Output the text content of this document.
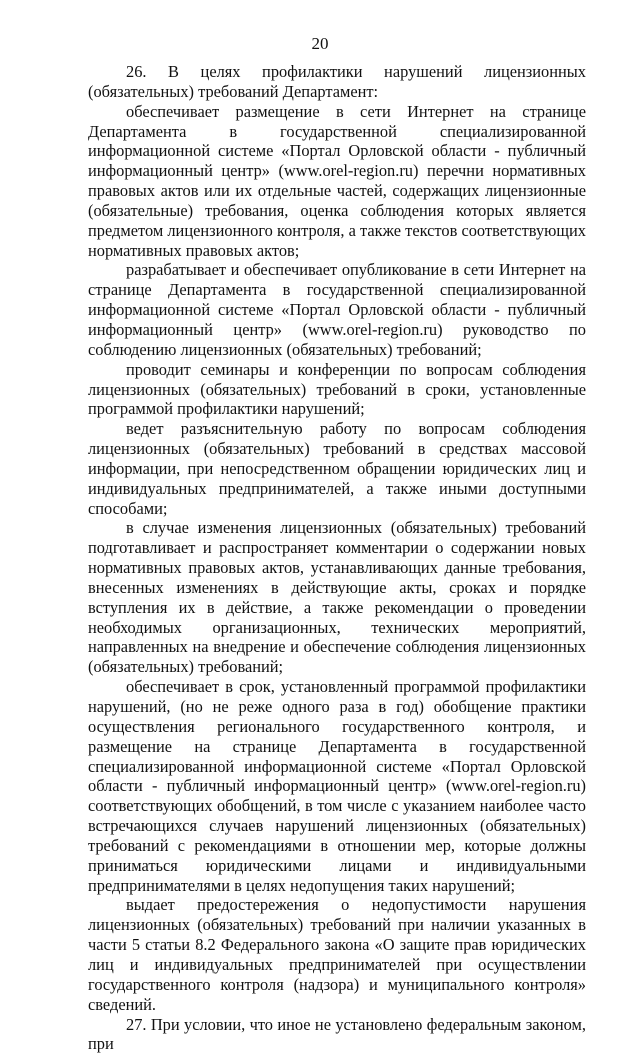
20

26. В целях профилактики нарушений лицензионных (обязательных) требований Департамент:

обеспечивает размещение в сети Интернет на странице Департамента в государственной специализированной информационной системе «Портал Орловской области - публичный информационный центр» (www.orel-region.ru) перечни нормативных правовых актов или их отдельные частей, содержащих лицензионные (обязательные) требования, оценка соблюдения которых является предметом лицензионного контроля, а также текстов соответствующих нормативных правовых актов;

разрабатывает и обеспечивает опубликование в сети Интернет на странице Департамента в государственной специализированной информационной системе «Портал Орловской области - публичный информационный центр» (www.orel-region.ru) руководство по соблюдению лицензионных (обязательных) требований;

проводит семинары и конференции по вопросам соблюдения лицензионных (обязательных) требований в сроки, установленные программой профилактики нарушений;

ведет разъяснительную работу по вопросам соблюдения лицензионных (обязательных) требований в средствах массовой информации, при непосредственном обращении юридических лиц и индивидуальных предпринимателей, а также иными доступными способами;

в случае изменения лицензионных (обязательных) требований подготавливает и распространяет комментарии о содержании новых нормативных правовых актов, устанавливающих данные требования, внесенных изменениях в действующие акты, сроках и порядке вступления их в действие, а также рекомендации о проведении необходимых организационных, технических мероприятий, направленных на внедрение и обеспечение соблюдения лицензионных (обязательных) требований;

обеспечивает в срок, установленный программой профилактики нарушений, (но не реже одного раза в год) обобщение практики осуществления регионального государственного контроля, и размещение на странице Департамента в государственной специализированной информационной системе «Портал Орловской области - публичный информационный центр» (www.orel-region.ru) соответствующих обобщений, в том числе с указанием наиболее часто встречающихся случаев нарушений лицензионных (обязательных) требований с рекомендациями в отношении мер, которые должны приниматься юридическими лицами и индивидуальными предпринимателями в целях недопущения таких нарушений;

выдает предостережения о недопустимости нарушения лицензионных (обязательных) требований при наличии указанных в части 5 статьи 8.2 Федерального закона «О защите прав юридических лиц и индивидуальных предпринимателей при осуществлении государственного контроля (надзора) и муниципального контроля» сведений.

27. При условии, что иное не установлено федеральным законом, при
